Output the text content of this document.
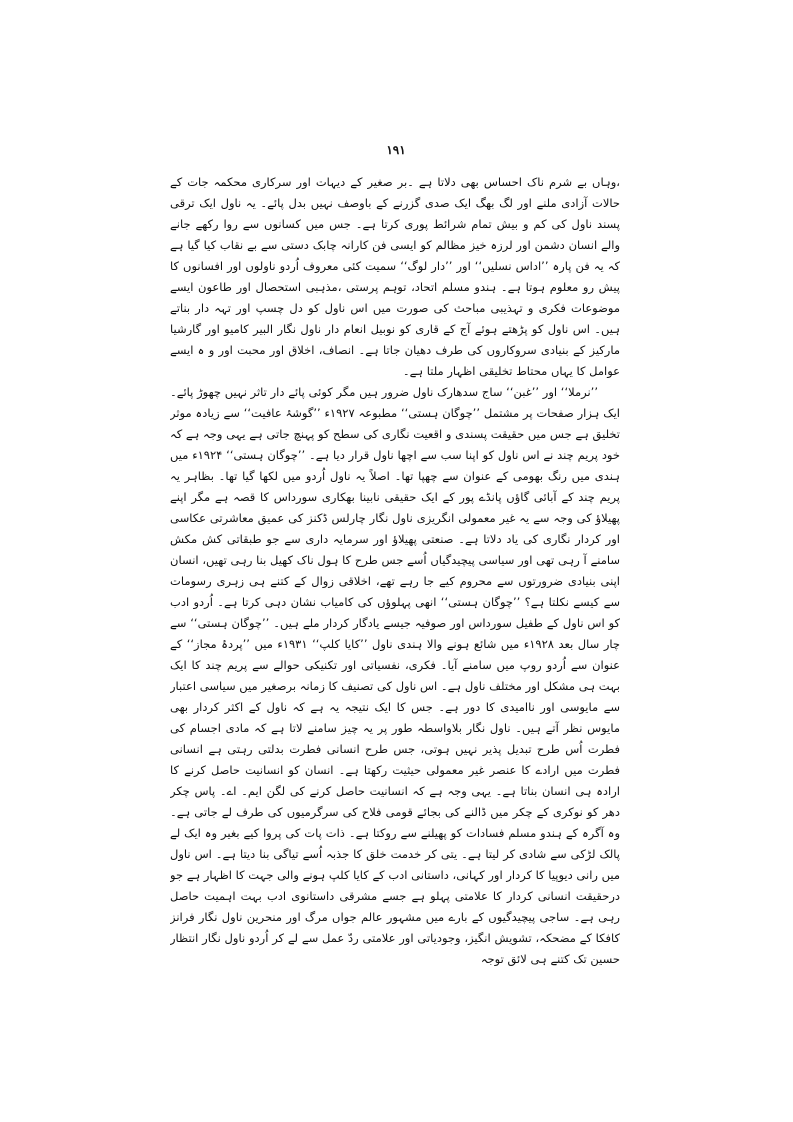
۱۹۱

،وہاں بے شرم ناک احساس بھی دلاتا ہے ۔بر صغیر کے دیہات اور سرکاری محکمہ جات کے حالات آزادی ملنے اور لگ بھگ ایک صدی گزرنے کے باوصف نہیں بدل پائے۔ یہ ناول ایک ترقی پسند ناول کی کم و بیش تمام شرائط پوری کرتا ہے۔ جس میں کسانوں سے روا رکھے جانے والے انسان دشمن اور لرزہ خیز مظالم کو ایسی فن کارانہ چابک دستی سے بے نقاب کیا گیا ہے کہ یہ فن پارہ ’’اداس نسلیں‘‘ اور ’’دار لوگ‘‘ سمیت کئی معروف اُردو ناولوں اور افسانوں کا پیش رو معلوم ہوتا ہے۔ ہندو مسلم اتحاد، توہم پرستی ،مذہبی استحصال اور طاعون ایسے موضوعات فکری و تہذیبی مباحث کی صورت میں اس ناول کو دل چسپ اور تہہ دار بناتے ہیں۔ اس ناول کو پڑھتے ہوئے آج کے قاری کو نوبیل انعام دار ناول نگار البیر کامیو اور گارشیا مارکیز کے بنیادی سروکاروں کی طرف دھیان جاتا ہے۔ انصاف، اخلاق اور محبت اور و ہ ایسے عوامل کا یہاں محتاط تخلیقی اظہار ملتا ہے۔

’’نرملا‘‘ اور ’’غبن‘‘ ساج سدھارک ناول ضرور ہیں مگر کوئی پائے دار تاثر نہیں چھوڑ پائے۔ ایک ہزار صفحات پر مشتمل ’’چوگان ہستی‘‘ مطبوعہ ۱۹۲۷ء ’’گوشۂ عافیت‘‘ سے زیادہ موثر تخلیق ہے جس میں حقیقت پسندی و اقعیت نگاری کی سطح کو پہنچ جاتی ہے یہی وجہ ہے کہ خود پریم چند نے اس ناول کو اپنا سب سے اچھا ناول قرار دیا ہے۔ ’’چوگان ہستی‘‘ ۱۹۲۴ء میں ہندی میں رنگ بھومی کے عنوان سے چھپا تھا۔ اصلاً یہ ناول اُردو میں لکھا گیا تھا۔ بظاہر یہ پریم چند کے آبائی گاؤں پانڈے پور کے ایک حقیقی نابینا بھکاری سورداس کا قصہ ہے مگر اپنے پھیلاؤ کی وجہ سے یہ غیر معمولی انگریزی ناول نگار چارلس ڈکنز کی عمیق معاشرتی عکاسی اور کردار نگاری کی یاد دلاتا ہے۔ صنعتی پھیلاؤ اور سرمایہ داری سے جو طبقاتی کش مکش سامنے آ رہی تھی اور سیاسی پیچیدگیاں اُسے جس طرح کا ہول ناک کھیل بنا رہی تھیں، انسان اپنی بنیادی ضرورتوں سے محروم کیے جا رہے تھے، اخلاقی زوال کے کتنے ہی زہری رسومات سے کیسے نکلتا ہے؟ ’’چوگان ہستی‘‘ انھی پہلوؤں کی کامیاب نشان دہی کرتا ہے۔ اُردو ادب کو اس ناول کے طفیل سورداس اور صوفیہ جیسے یادگار کردار ملے ہیں۔ ’’چوگان ہستی‘‘ سے چار سال بعد ۱۹۲۸ء میں شائع ہونے والا ہندی ناول ’’کایا کلپ‘‘ ۱۹۳۱ء میں ’’پردۂ مجاز‘‘ کے عنوان سے اُردو روپ میں سامنے آیا۔ فکری، نفسیاتی اور تکنیکی حوالے سے پریم چند کا ایک بہت ہی مشکل اور مختلف ناول ہے۔ اس ناول کی تصنیف کا زمانہ برصغیر میں سیاسی اعتبار سے مایوسی اور ناامیدی کا دور ہے۔ جس کا ایک نتیجہ یہ ہے کہ ناول کے اکثر کردار بھی مایوس نظر آتے ہیں۔ ناول نگار بلاواسطہ طور پر یہ چیز سامنے لاتا ہے کہ مادی اجسام کی فطرت اُس طرح تبدیل پذیر نہیں ہوتی، جس طرح انسانی فطرت بدلتی رہتی ہے انسانی فطرت میں ارادے کا عنصر غیر معمولی حیثیت رکھتا ہے۔ انسان کو انسانیت حاصل کرنے کا ارادہ ہی انسان بناتا ہے۔ یہی وجہ ہے کہ انسانیت حاصل کرنے کی لگن ایم۔ اے۔ پاس چکر دھر کو نوکری کے چکر میں ڈالنے کی بجائے قومی فلاح کی سرگرمیوں کی طرف لے جاتی ہے۔ وہ آگرہ کے ہندو مسلم فسادات کو پھیلنے سے روکتا ہے۔ ذات پات کی پروا کیے بغیر وہ ایک لے پالک لڑکی سے شادی کر لیتا ہے۔ یتی کر خدمت خلق کا جذبہ اُسے تیاگی بنا دیتا ہے۔ اس ناول میں رانی دیوپیا کا کردار اور کہانی، داستانی ادب کے کایا کلپ ہونے والی جہت کا اظہار ہے جو درحقیقت انسانی کردار کا علامتی پہلو ہے جسے مشرقی داستانوی ادب بہت اہمیت حاصل رہی ہے۔ ساجی پیچیدگیوں کے بارے میں مشہور عالم جواں مرگ اور منحرین ناول نگار فرانز کافکا کے مضحکہ، تشویش انگیز، وجودیاتی اور علامتی ردّ عمل سے لے کر اُردو ناول نگار انتظار حسین تک کتنے ہی لائق توجہ
